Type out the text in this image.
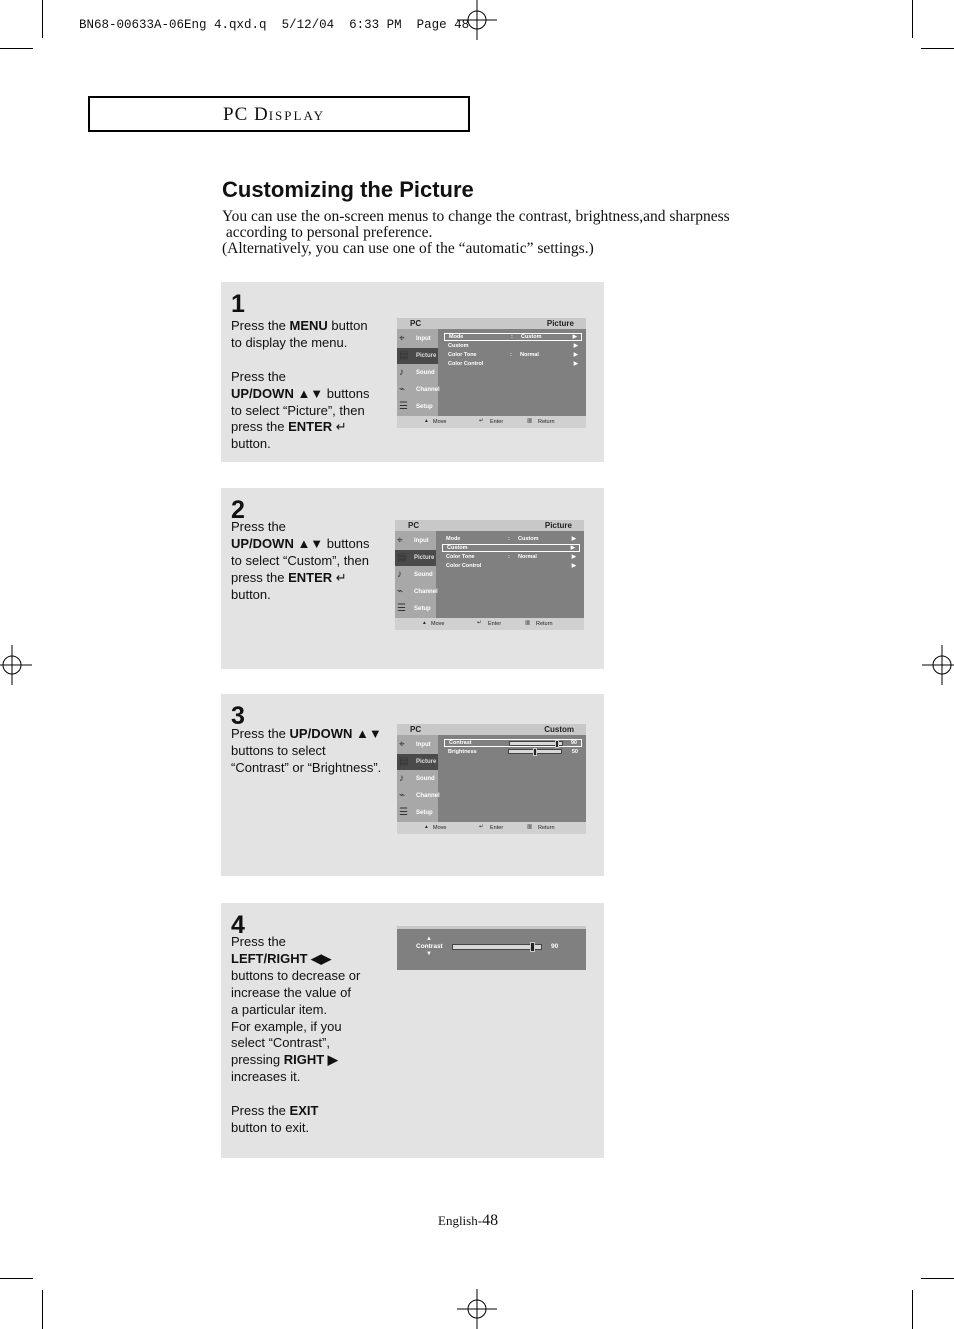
BN68-00633A-06Eng 4.qxd.q 5/12/04 6:33 PM Page 48

PC DISPLAY
Customizing the Picture
You can use the on-screen menus to change the contrast, brightness,and sharpness
according to personal preference.
(Alternatively, you can use one of the “automatic” settings.)
1
Press the MENU button
to display the menu.
Press the
UP/DOWN ▲▼ buttons
to select “Picture”, then
press the ENTER ↵
button.
PC	Picture
⌖	Input
▤	Picture
♪	Sound
⌁	Channel
☰	Setup
Mode	: Custom	▶
Custom	▶
Color Tone	: Normal	▶
Color Control	▶
▴ Move	↵ Enter	▥ Return
2
Press the
UP/DOWN ▲▼ buttons
to select “Custom”, then
press the ENTER ↵
button.
PC	Picture
⌖	Input
▤	Picture
♪	Sound
⌁	Channel
☰	Setup
Mode	: Custom	▶
Custom	▶
Color Tone	: Normal	▶
Color Control	▶
▴ Move	↵ Enter	▥ Return
3
Press the UP/DOWN ▲▼
buttons to select
“Contrast” or “Brightness”.
PC	Custom
⌖	Input
▤	Picture
♪	Sound
⌁	Channel
☰	Setup
Contrast	90
Brightness	50
▴ Move	↵ Enter	▥ Return
4
Press the
LEFT/RIGHT ◀▶
buttons to decrease or
increase the value of
a particular item.
For example, if you
select “Contrast”,
pressing RIGHT ▶
increases it.
Press the EXIT
button to exit.
▲
Contrast
▼
90
English-48
